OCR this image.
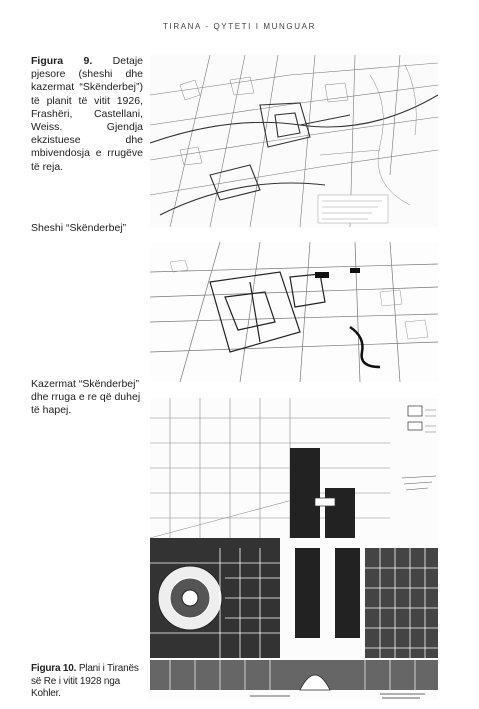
TIRANA - QYTETI I MUNGUAR
Figura 9. Detaje pjesore (sheshi dhe kazermat “Skënderbej”) të planit të vitit 1926, Frashëri, Castellani, Weiss. Gjendja ekzistuese dhe mbivendosja e rrugëve të reja.
Sheshi “Skënderbej”
Kazermat “Skënderbej” dhe rruga e re që duhej të hapej.
Figura 10. Plani i Tiranës së Re i vitit 1928 nga Kohler.
